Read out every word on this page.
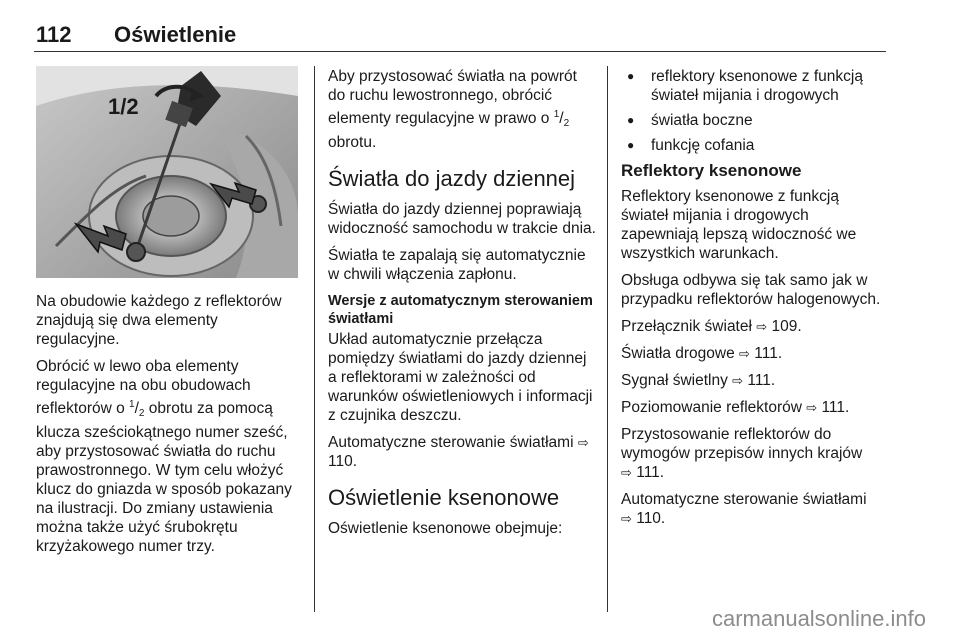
112 Oświetlenie
1/2

Na obudowie każdego z reflektorów znajdują się dwa elementy regulacyjne.

Obrócić w lewo oba elementy regulacyjne na obu obudowach reflektorów o $^1/_2$ obrotu za pomocą klucza sześciokątnego numer sześć, aby przystosować światła do ruchu prawostronnego. W tym celu włożyć klucz do gniazda w sposób pokazany na ilustracji. Do zmiany ustawienia można także użyć śrubokrętu krzyżakowego numer trzy.

Aby przystosować światła na powrót do ruchu lewostronnego, obrócić elementy regulacyjne w prawo o $^1/_2$ obrotu.

Światła do jazdy dziennej

Światła do jazdy dziennej poprawiają widoczność samochodu w trakcie dnia.

Światła te zapalają się automatycznie w chwili włączenia zapłonu.

Wersje z automatycznym sterowaniem światłami

Układ automatycznie przełącza pomiędzy światłami do jazdy dziennej a reflektorami w zależności od warunków oświetleniowych i informacji z czujnika deszczu.

Automatyczne sterowanie światłami ⇨ 110.

Oświetlenie ksenonowe

Oświetlenie ksenonowe obejmuje:

● reflektory ksenonowe z funkcją świateł mijania i drogowych
● światła boczne
● funkcję cofania
Reflektory ksenonowe

Reflektory ksenonowe z funkcją świateł mijania i drogowych zapewniają lepszą widoczność we wszystkich warunkach.

Obsługa odbywa się tak samo jak w przypadku reflektorów halogenowych.

Przełącznik świateł ⇨ 109.

Światła drogowe ⇨ 111.

Sygnał świetlny ⇨ 111.

Poziomowanie reflektorów ⇨ 111.

Przystosowanie reflektorów do wymogów przepisów innych krajów
⇨ 111.

Automatyczne sterowanie światłami
⇨ 110.

carmanualsonline.info
